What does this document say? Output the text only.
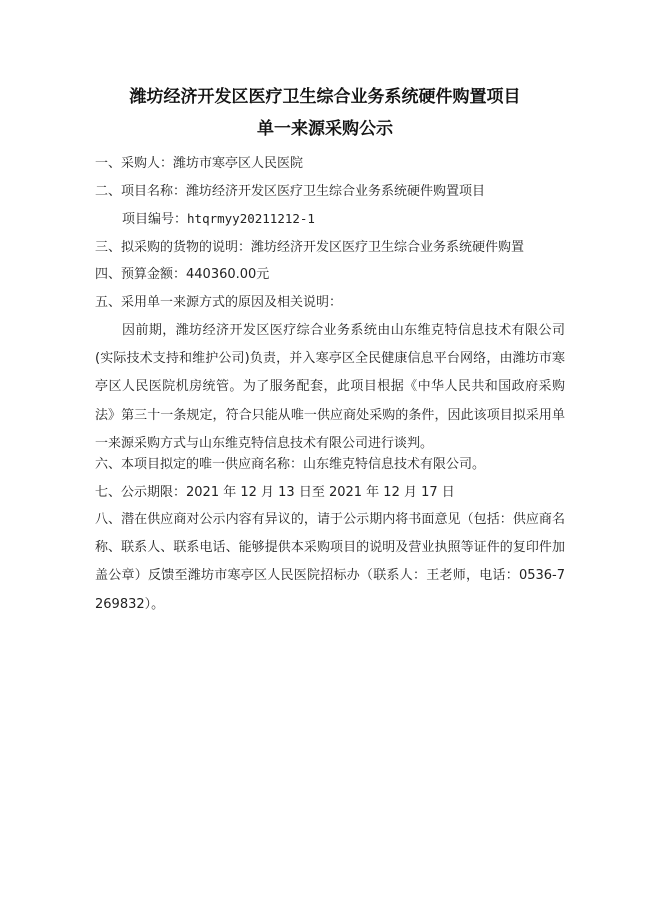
潍坊经济开发区医疗卫生综合业务系统硬件购置项目
单一来源采购公示

一、采购人：潍坊市寒亭区人民医院

二、项目名称：潍坊经济开发区医疗卫生综合业务系统硬件购置项目

项目编号：htqrmyy20211212-1

三、拟采购的货物的说明：潍坊经济开发区医疗卫生综合业务系统硬件购置

四、预算金额：440360.00元

五、采用单一来源方式的原因及相关说明：

因前期，潍坊经济开发区医疗综合业务系统由山东维克特信息技术有限公司(实际技术支持和维护公司)负责，并入寒亭区全民健康信息平台网络，由潍坊市寒亭区人民医院机房统管。为了服务配套，此项目根据《中华人民共和国政府采购法》第三十一条规定，符合只能从唯一供应商处采购的条件，因此该项目拟采用单一来源采购方式与山东维克特信息技术有限公司进行谈判。

六、本项目拟定的唯一供应商名称：山东维克特信息技术有限公司。

七、公示期限：2021 年 12 月 13 日至 2021 年 12 月 17 日

八、潜在供应商对公示内容有异议的，请于公示期内将书面意见（包括：供应商名称、联系人、联系电话、能够提供本采购项目的说明及营业执照等证件的复印件加盖公章）反馈至潍坊市寒亭区人民医院招标办（联系人：王老师，电话：0536-7269832）。
